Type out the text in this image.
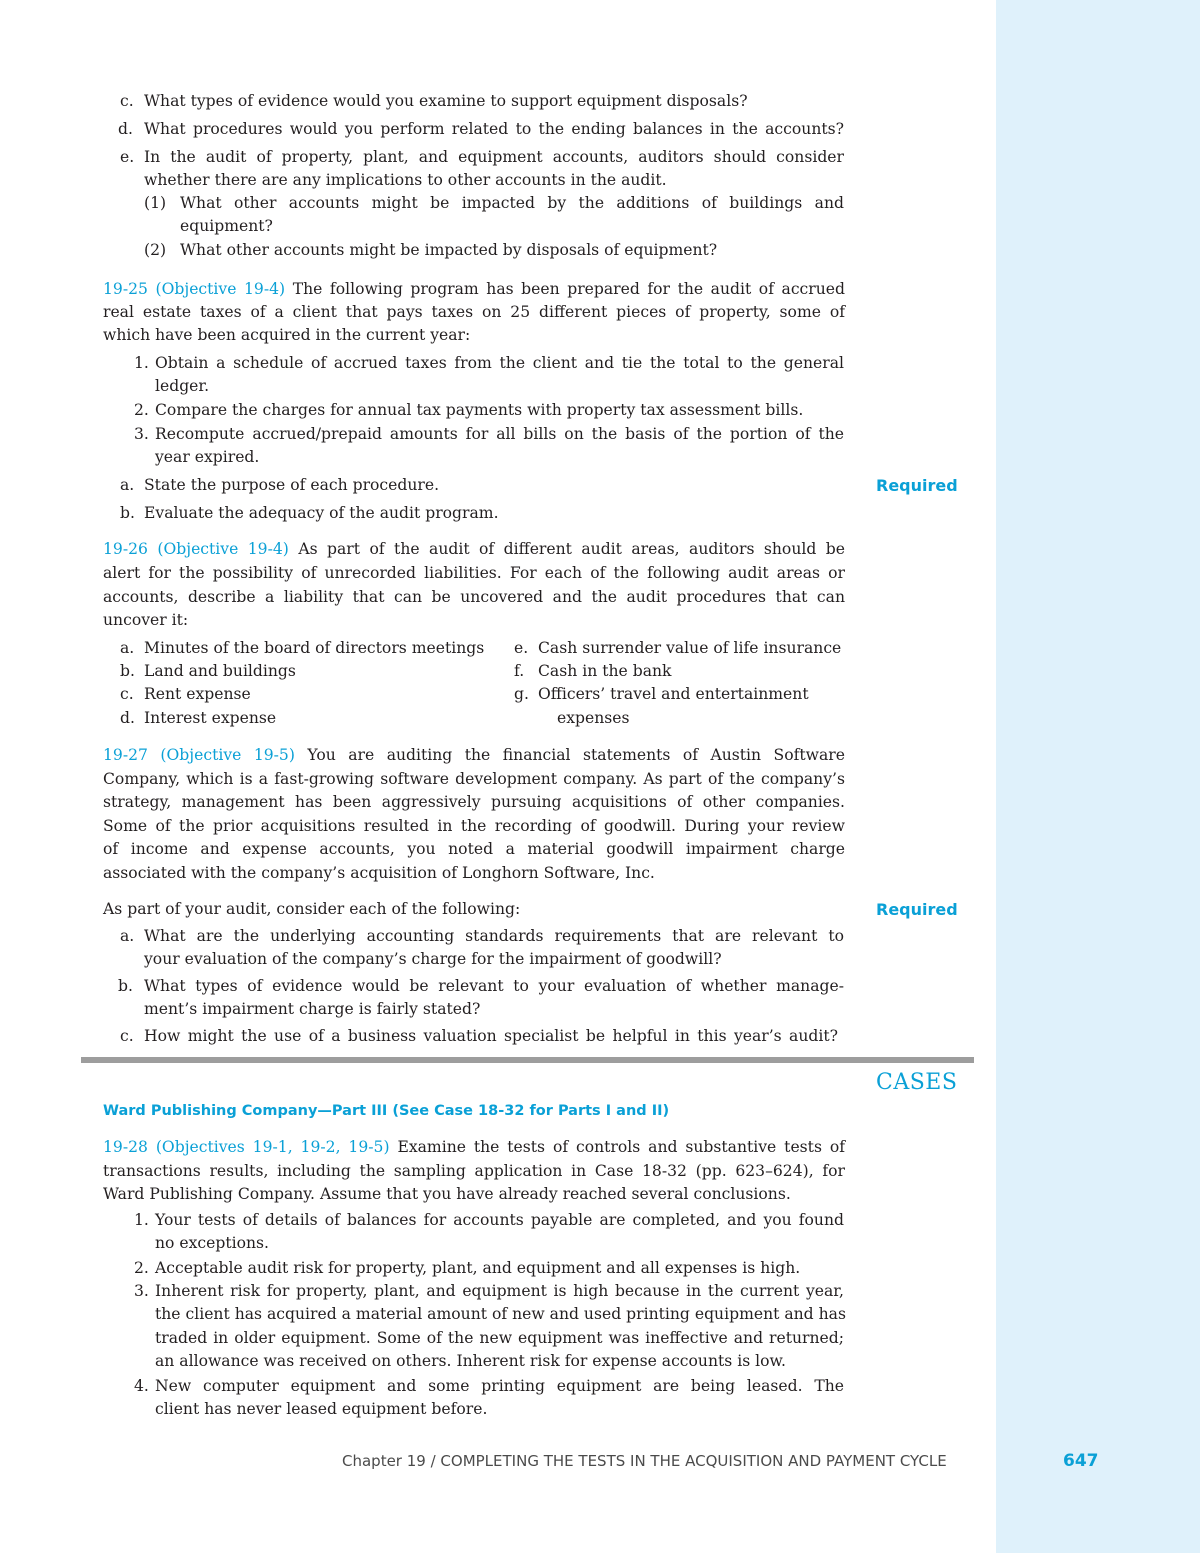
c. What types of evidence would you examine to support equipment disposals?
d. What procedures would you perform related to the ending balances in the accounts?
e. In the audit of property, plant, and equipment accounts, auditors should consider
whether there are any implications to other accounts in the audit.
(1) What other accounts might be impacted by the additions of buildings and
equipment?
(2) What other accounts might be impacted by disposals of equipment?
19-25 (Objective 19-4) The following program has been prepared for the audit of accrued
real estate taxes of a client that pays taxes on 25 different pieces of property, some of
which have been acquired in the current year:
1. Obtain a schedule of accrued taxes from the client and tie the total to the general
ledger.
2. Compare the charges for annual tax payments with property tax assessment bills.
3. Recompute accrued/prepaid amounts for all bills on the basis of the portion of the
year expired.
a. State the purpose of each procedure.	Required
b. Evaluate the adequacy of the audit program.
19-26 (Objective 19-4) As part of the audit of different audit areas, auditors should be
alert for the possibility of unrecorded liabilities. For each of the following audit areas or
accounts, describe a liability that can be uncovered and the audit procedures that can
uncover it:
a. Minutes of the board of directors meetings
b. Land and buildings
c. Rent expense
d. Interest expense
e. Cash surrender value of life insurance
f. Cash in the bank
g. Officers’ travel and entertainment
expenses
19-27 (Objective 19-5) You are auditing the financial statements of Austin Software
Company, which is a fast-growing software development company. As part of the company’s
strategy, management has been aggressively pursuing acquisitions of other companies.
Some of the prior acquisitions resulted in the recording of goodwill. During your review
of income and expense accounts, you noted a material goodwill impairment charge
associated with the company’s acquisition of Longhorn Software, Inc.
As part of your audit, consider each of the following:	Required
a. What are the underlying accounting standards requirements that are relevant to
your evaluation of the company’s charge for the impairment of goodwill?
b. What types of evidence would be relevant to your evaluation of whether manage-
ment’s impairment charge is fairly stated?
c. How might the use of a business valuation specialist be helpful in this year’s audit?
CASES
Ward Publishing Company—Part III (See Case 18-32 for Parts I and II)
19-28 (Objectives 19-1, 19-2, 19-5) Examine the tests of controls and substantive tests of
transactions results, including the sampling application in Case 18-32 (pp. 623–624), for
Ward Publishing Company. Assume that you have already reached several conclusions.
1. Your tests of details of balances for accounts payable are completed, and you found
no exceptions.
2. Acceptable audit risk for property, plant, and equipment and all expenses is high.
3. Inherent risk for property, plant, and equipment is high because in the current year,
the client has acquired a material amount of new and used printing equipment and has
traded in older equipment. Some of the new equipment was ineffective and returned;
an allowance was received on others. Inherent risk for expense accounts is low.
4. New computer equipment and some printing equipment are being leased. The
client has never leased equipment before.
Chapter 19 / COMPLETING THE TESTS IN THE ACQUISITION AND PAYMENT CYCLE	647
